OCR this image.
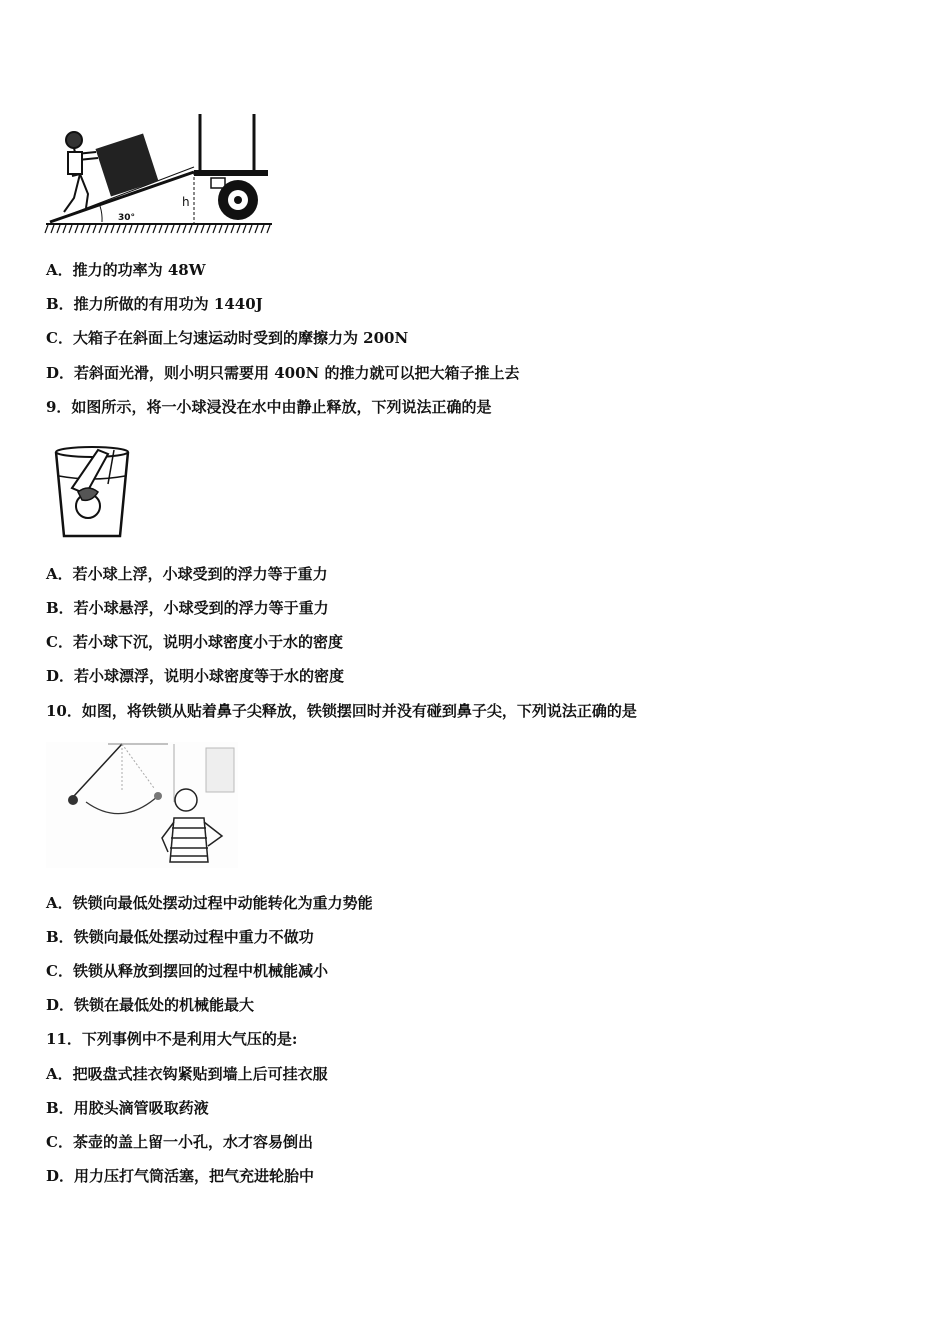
30°
h
A．推力的功率为 48W
B．推力所做的有用功为 1440J
C．大箱子在斜面上匀速运动时受到的摩擦力为 200N
D．若斜面光滑，则小明只需要用 400N 的推力就可以把大箱子推上去
9．如图所示，将一小球浸没在水中由静止释放，下列说法正确的是
A．若小球上浮，小球受到的浮力等于重力
B．若小球悬浮，小球受到的浮力等于重力
C．若小球下沉，说明小球密度小于水的密度
D．若小球漂浮，说明小球密度等于水的密度
10．如图，将铁锁从贴着鼻子尖释放，铁锁摆回时并没有碰到鼻子尖，下列说法正确的是
A．铁锁向最低处摆动过程中动能转化为重力势能
B．铁锁向最低处摆动过程中重力不做功
C．铁锁从释放到摆回的过程中机械能减小
D．铁锁在最低处的机械能最大
11．下列事例中不是利用大气压的是:
A．把吸盘式挂衣钩紧贴到墙上后可挂衣服
B．用胶头滴管吸取药液
C．茶壶的盖上留一小孔，水才容易倒出
D．用力压打气筒活塞，把气充进轮胎中
